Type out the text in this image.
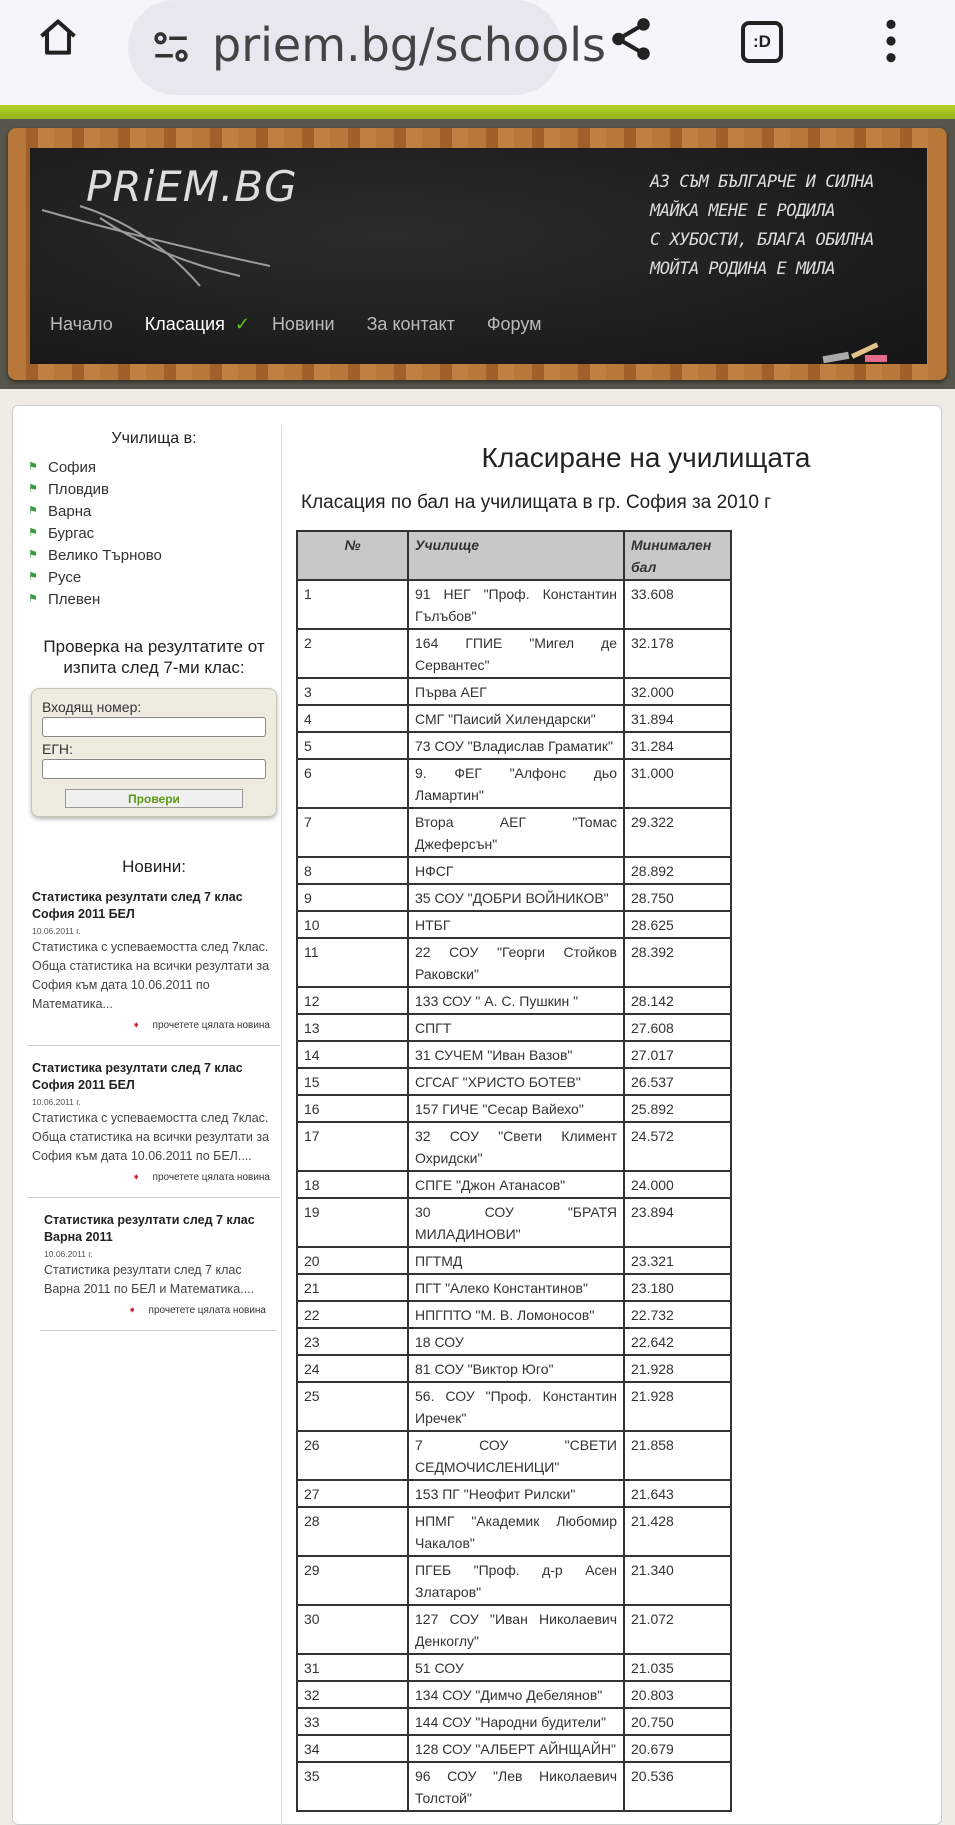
priem.bg/schools	:D
PRiEM.BG	АЗ СЪМ БЪЛГАРЧЕ И СИЛНА
МАЙКА МЕНЕ Е РОДИЛА
С ХУБОСТИ, БЛАГА ОБИЛНА
МОЙТА РОДИНА Е МИЛА
Начало Класация ✓ Новини За контакт Форум
Училища в:
⚑ София
⚑ Пловдив
⚑ Варна
⚑ Бургас
⚑ Велико Търново
⚑ Русе
⚑ Плевен
Проверка на резултатите от изпита след 7-ми клас:
Входящ номер:
ЕГН:
Провери
Новини:
Статистика резултати след 7 клас София 2011 БЕЛ
10.06.2011 г.

Статистика с успеваемостта след 7клас. Обща статистика на всички резултати за София към дата 10.06.2011 по Математика...

➧ прочетете цялата новина
Статистика резултати след 7 клас София 2011 БЕЛ
10.06.2011 г.

Статистика с успеваемостта след 7клас. Обща статистика на всички резултати за София към дата 10.06.2011 по БЕЛ....

➧ прочетете цялата новина
Статистика резултати след 7 клас Варна 2011
10.06.2011 г.

Статистика резултати след 7 клас Варна 2011 по БЕЛ и Математика....

➧ прочетете цялата новина
Класиране на училищата
Класация по бал на училищата в гр. София за 2010 г
№	Училище	Минимален бал
1	91 НЕГ "Проф. Константин Гълъбов"	33.608
2	164 ГПИЕ "Мигел де Сервантес"	32.178
3	Първа АЕГ	32.000
4	СМГ "Паисий Хилендарски"	31.894
5	73 СОУ "Владислав Граматик"	31.284
6	9. ФЕГ "Алфонс дьо Ламартин"	31.000
7	Втора АЕГ "Томас Джеферсън"	29.322
8	НФСГ	28.892
9	35 СОУ "ДОБРИ ВОЙНИКОВ"	28.750
10	НТБГ	28.625
11	22 СОУ "Георги Стойков Раковски"	28.392
12	133 СОУ " А. С. Пушкин "	28.142
13	СПГТ	27.608
14	31 СУЧЕМ "Иван Вазов"	27.017
15	СГСАГ "ХРИСТО БОТЕВ"	26.537
16	157 ГИЧЕ "Сесар Вайехо"	25.892
17	32 СОУ "Свети Климент Охридски"	24.572
18	СПГЕ "Джон Атанасов"	24.000
19	30 СОУ "БРАТЯ МИЛАДИНОВИ"	23.894
20	ПГТМД	23.321
21	ПГТ "Алеко Константинов"	23.180
22	НПГПТО "М. В. Ломоносов"	22.732
23	18 СОУ	22.642
24	81 СОУ "Виктор Юго"	21.928
25	56. СОУ "Проф. Константин Иречек"	21.928
26	7 СОУ "СВЕТИ СЕДМОЧИСЛЕНИЦИ"	21.858
27	153 ПГ "Неофит Рилски"	21.643
28	НПМГ "Академик Любомир Чакалов"	21.428
29	ПГЕБ "Проф. д-р Асен Златаров"	21.340
30	127 СОУ "Иван Николаевич Денкоглу"	21.072
31	51 СОУ	21.035
32	134 СОУ "Димчо Дебелянов"	20.803
33	144 СОУ "Народни будители"	20.750
34	128 СОУ "АЛБЕРТ АЙНЩАЙН"	20.679
35	96 СОУ "Лев Николаевич Толстой"	20.536
